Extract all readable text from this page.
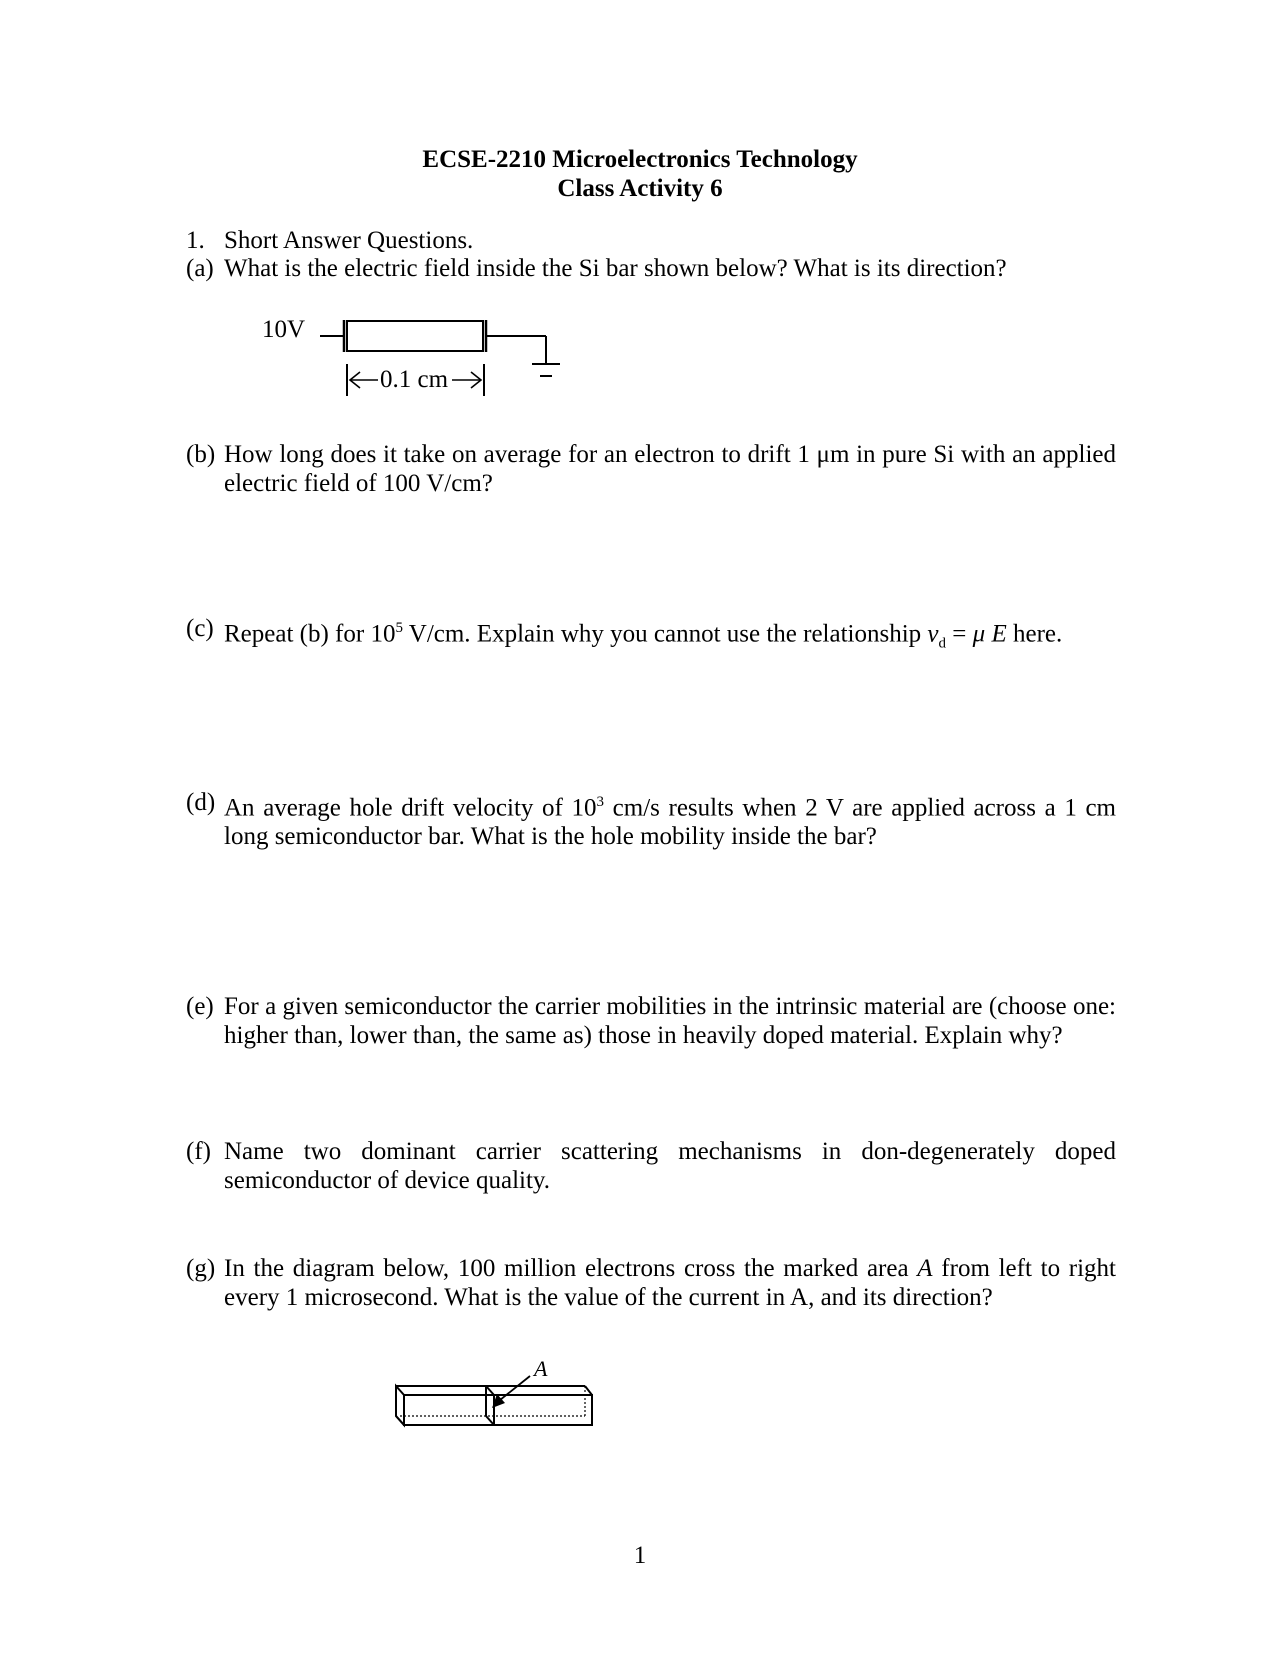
ECSE-2210 Microelectronics Technology
Class Activity 6
1. Short Answer Questions.
(a) What is the electric field inside the Si bar shown below? What is its direction?
10V
0.1 cm
(b) How long does it take on average for an electron to drift 1 μm in pure Si with an applied
electric field of 100 V/cm?
(c) Repeat (b) for $10^5$ V/cm. Explain why you cannot use the relationship $v_d = \mu$ E here.
(d) An average hole drift velocity of $10^3$ cm/s results when 2 V are applied across a 1 cm
long semiconductor bar. What is the hole mobility inside the bar?
(e) For a given semiconductor the carrier mobilities in the intrinsic material are (choose one:
higher than, lower than, the same as) those in heavily doped material. Explain why?
(f) Name two dominant carrier scattering mechanisms in don-degenerately doped
semiconductor of device quality.
(g) In the diagram below, 100 million electrons cross the marked area A from left to right
every 1 microsecond. What is the value of the current in A, and its direction?
A
1
